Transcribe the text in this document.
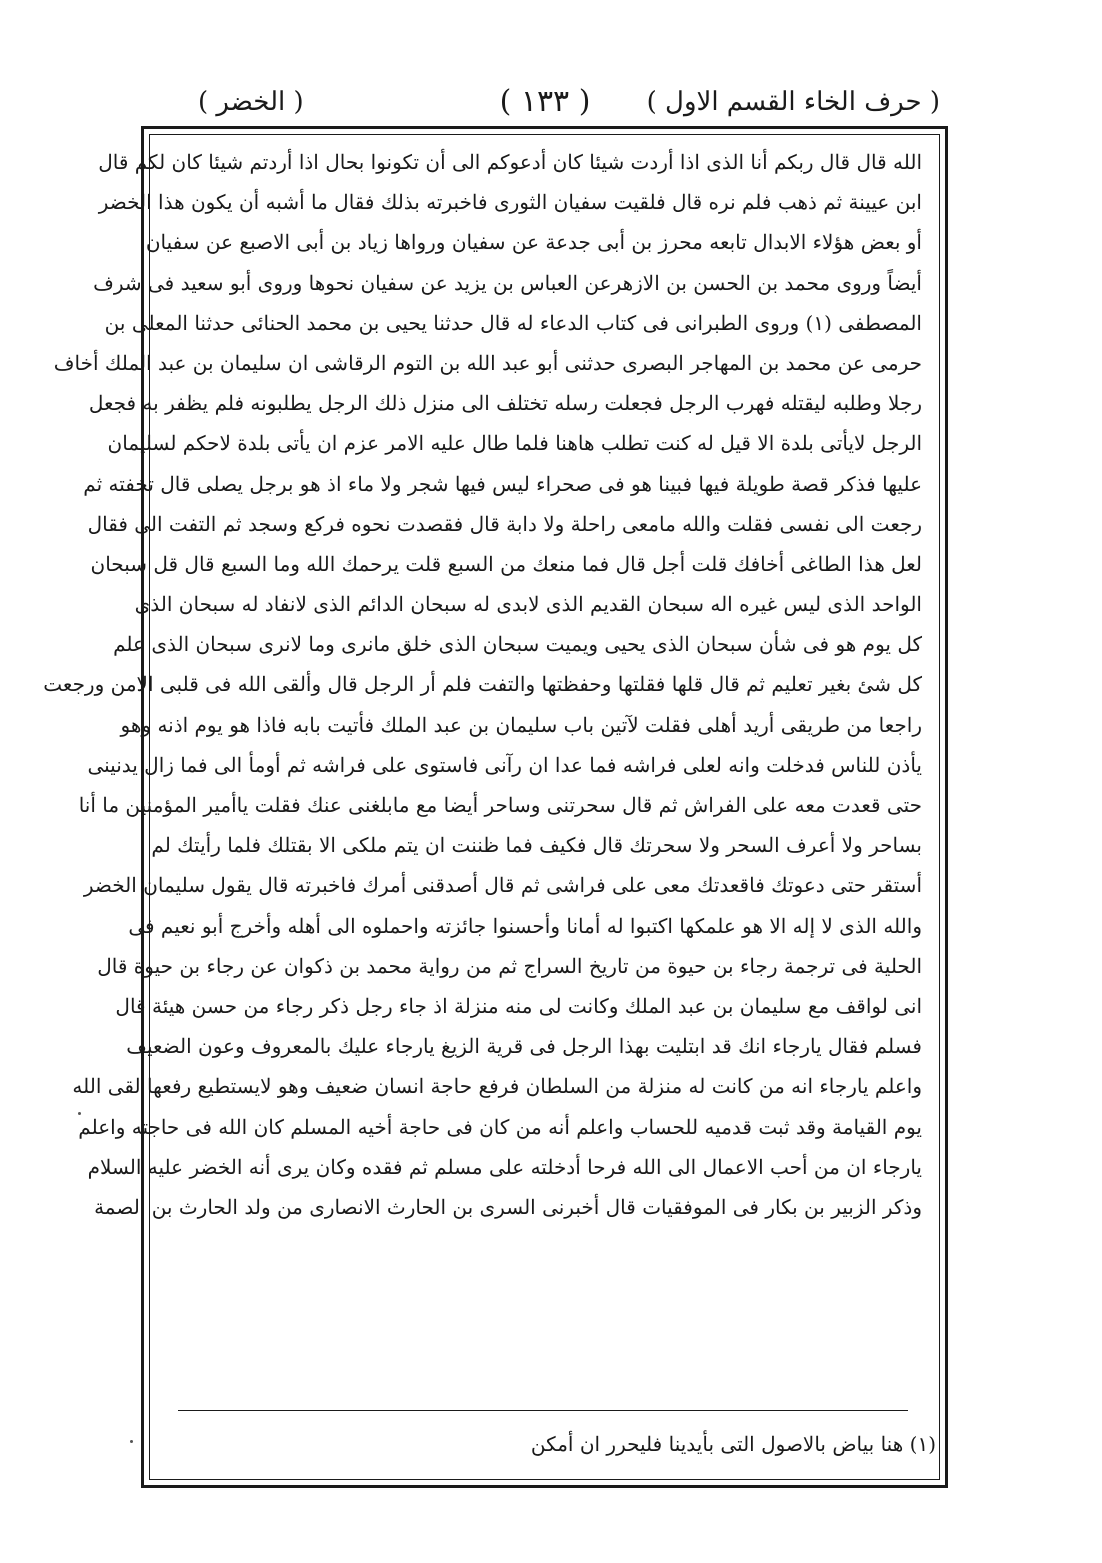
( حرف الخاء القسم الاول )
( ١٣٣ )
( الخضر )

الله قال قال ربكم أنا الذى اذا أردت شيئا كان أدعوكم الى أن تكونوا بحال اذا أردتم شيئا كان لكم قال

ابن عيينة ثم ذهب فلم نره قال فلقيت سفيان الثورى فاخبرته بذلك فقال ما أشبه أن يكون هذا الخضر

أو بعض هؤلاء الابدال تابعه محرز بن أبى جدعة عن سفيان ورواها زياد بن أبى الاصبع عن سفيان

أيضاً وروى محمد بن الحسن بن الازهرعن العباس بن يزيد عن سفيان نحوها وروى أبو سعيد فى شرف

المصطفى (١) وروى الطبرانى فى كتاب الدعاء له قال حدثنا يحيى بن محمد الحنائى حدثنا المعلى بن

حرمى عن محمد بن المهاجر البصرى حدثنى أبو عبد الله بن التوم الرقاشى ان سليمان بن عبد الملك أخاف

رجلا وطلبه ليقتله فهرب الرجل فجعلت رسله تختلف الى منزل ذلك الرجل يطلبونه فلم يظفر به فجعل

الرجل لايأتى بلدة الا قيل له كنت تطلب هاهنا فلما طال عليه الامر عزم ان يأتى بلدة لاحكم لسليمان

عليها فذكر قصة طويلة فيها فبينا هو فى صحراء ليس فيها شجر ولا ماء اذ هو برجل يصلى قال تخفته ثم

رجعت الى نفسى فقلت والله مامعى راحلة ولا دابة قال فقصدت نحوه فركع وسجد ثم التفت الى فقال

لعل هذا الطاغى أخافك قلت أجل قال فما منعك من السبع قلت يرحمك الله وما السبع قال قل سبحان

الواحد الذى ليس غيره اله سبحان القديم الذى لابدى له سبحان الدائم الذى لانفاد له سبحان الذى

كل يوم هو فى شأن سبحان الذى يحيى ويميت سبحان الذى خلق مانرى وما لانرى سبحان الذى علم

كل شئ بغير تعليم ثم قال قلها فقلتها وحفظتها والتفت فلم أر الرجل قال وألقى الله فى قلبى الامن ورجعت

راجعا من طريقى أريد أهلى فقلت لآتين باب سليمان بن عبد الملك فأتيت بابه فاذا هو يوم اذنه وهو

يأذن للناس فدخلت وانه لعلى فراشه فما عدا ان رآنى فاستوى على فراشه ثم أومأ الى فما زال يدنينى

حتى قعدت معه على الفراش ثم قال سحرتنى وساحر أيضا مع مابلغنى عنك فقلت ياأمير المؤمنين ما أنا

بساحر ولا أعرف السحر ولا سحرتك قال فكيف فما ظننت ان يتم ملكى الا بقتلك فلما رأيتك لم

أستقر حتى دعوتك فاقعدتك معى على فراشى ثم قال أصدقنى أمرك فاخبرته قال يقول سليمان الخضر

والله الذى لا إله الا هو علمكها اكتبوا له أمانا وأحسنوا جائزته واحملوه الى أهله وأخرج أبو نعيم فى

الحلية فى ترجمة رجاء بن حيوة من تاريخ السراج ثم من رواية محمد بن ذكوان عن رجاء بن حيوة قال

انى لواقف مع سليمان بن عبد الملك وكانت لى منه منزلة اذ جاء رجل ذكر رجاء من حسن هيئة قال

فسلم فقال يارجاء انك قد ابتليت بهذا الرجل فى قرية الزيغ يارجاء عليك بالمعروف وعون الضعيف

واعلم يارجاء انه من كانت له منزلة من السلطان فرفع حاجة انسان ضعيف وهو لايستطيع رفعها لقى الله

يوم القيامة وقد ثبت قدميه للحساب واعلم أنه من كان فى حاجة أخيه المسلم كان الله فى حاجته واعلم

يارجاء ان من أحب الاعمال الى الله فرحا أدخلته على مسلم ثم فقده وكان يرى أنه الخضر عليه السلام

وذكر الزبير بن بكار فى الموفقيات قال أخبرنى السرى بن الحارث الانصارى من ولد الحارث بن الصمة

(١) هنا بياض بالاصول التى بأيدينا فليحرر ان أمكن
